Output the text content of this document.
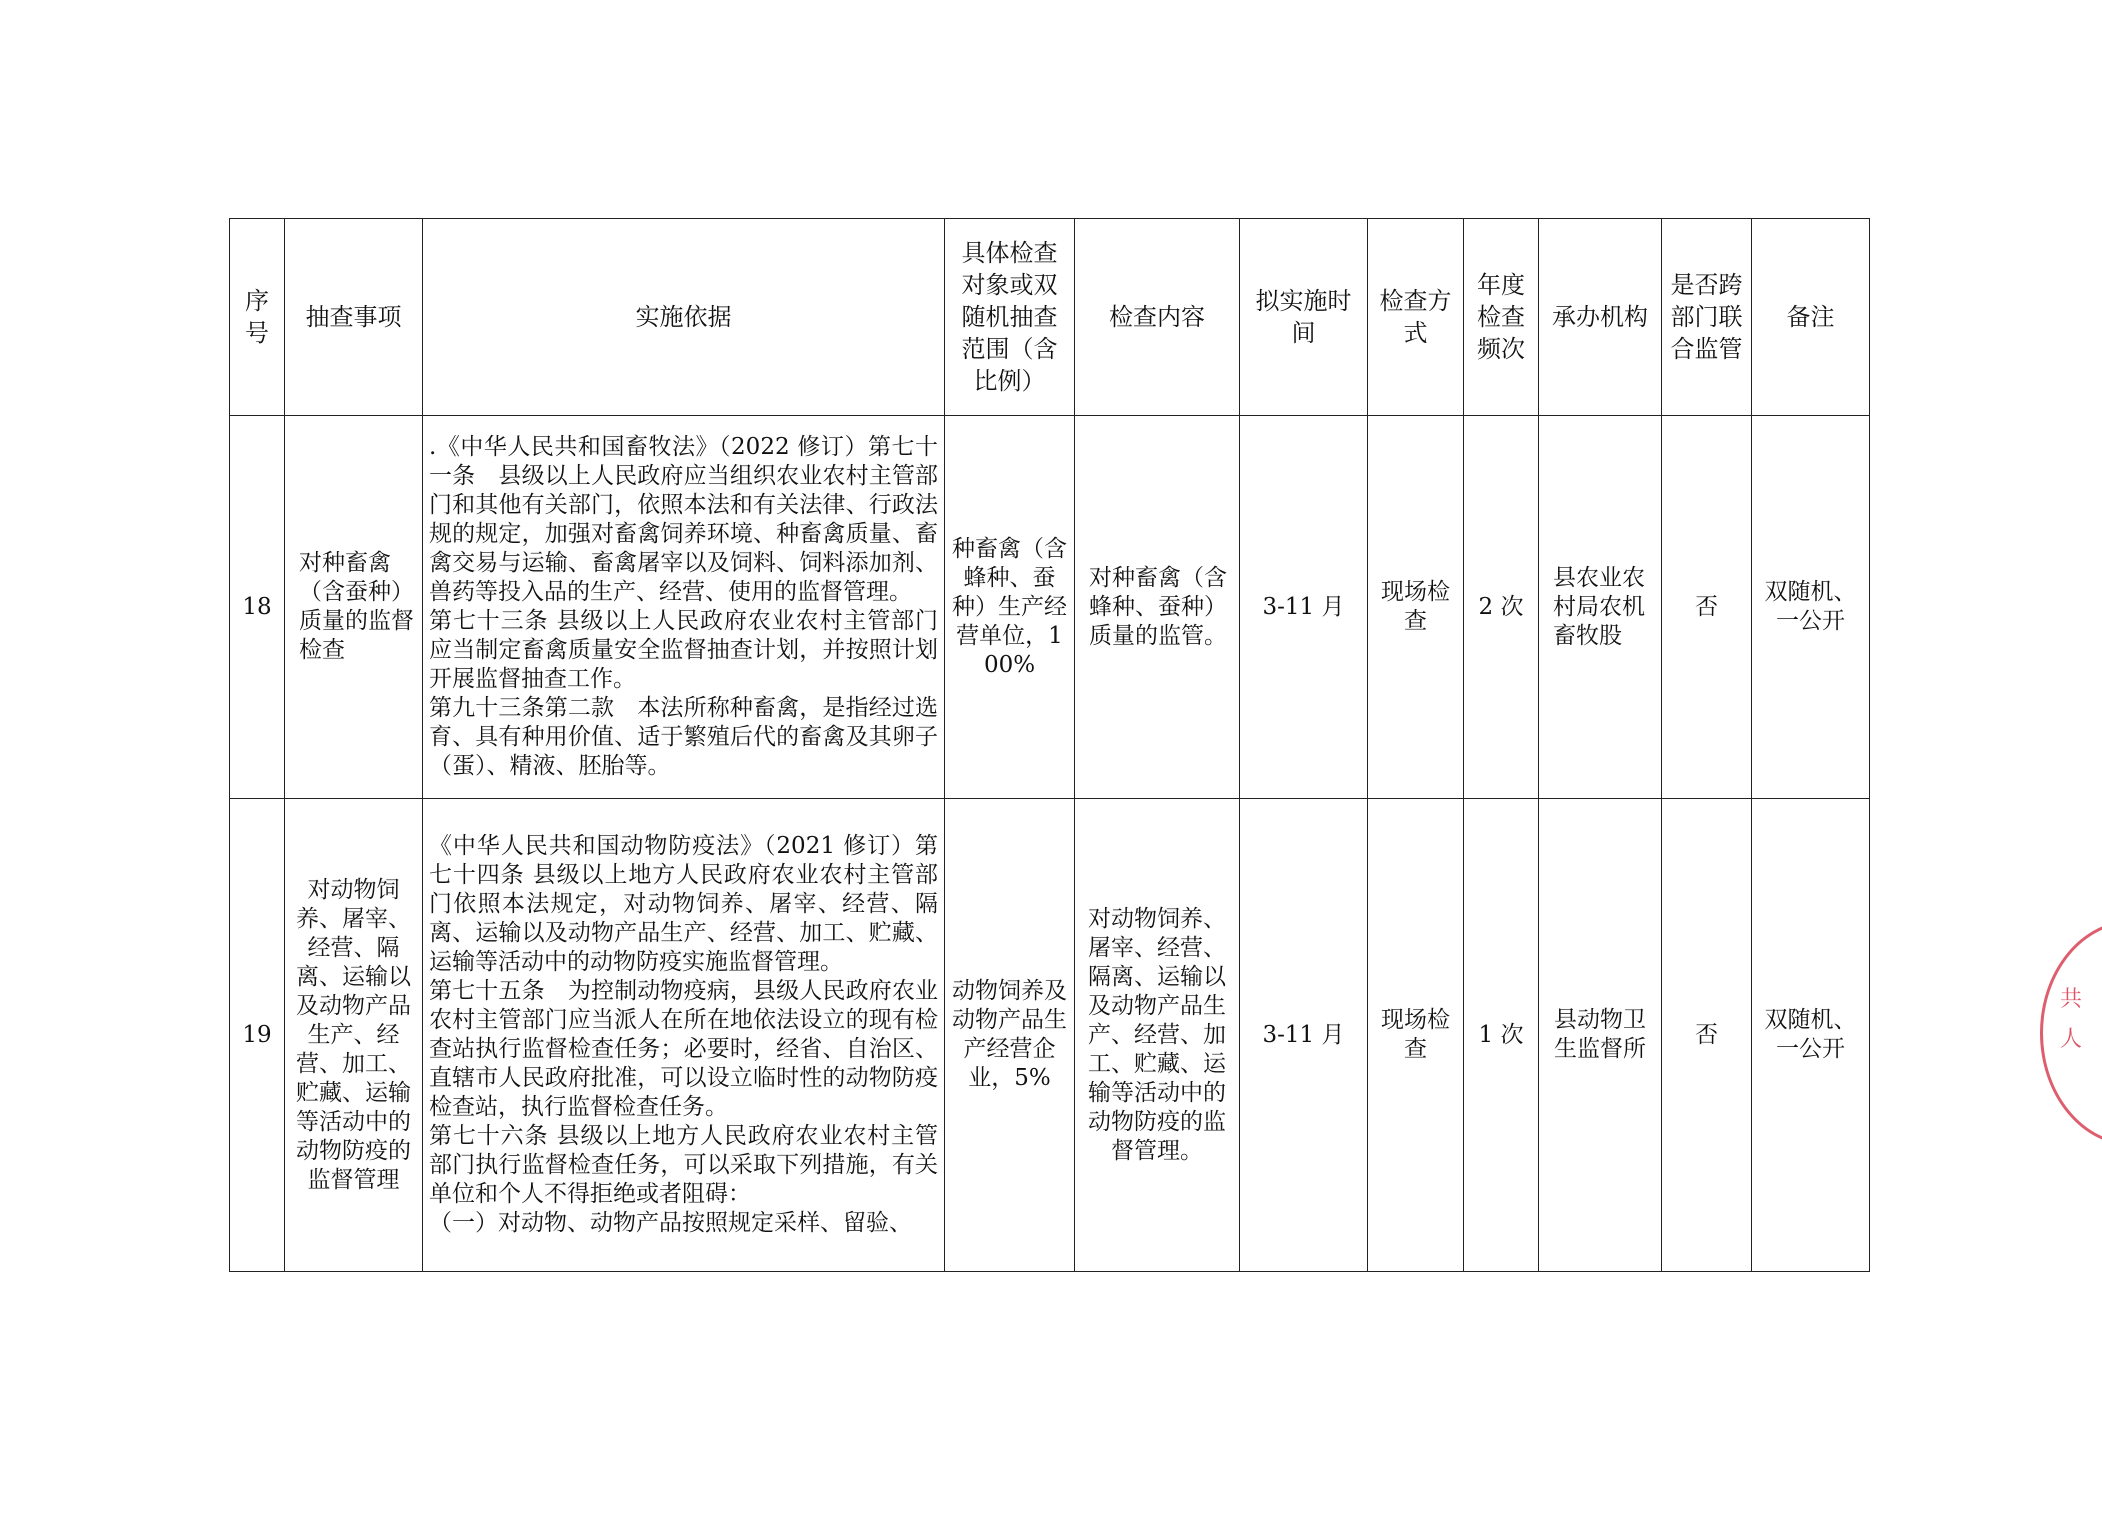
序号	抽查事项	实施依据	具体检查对象或双随机抽查范围（含比例）	检查内容	拟实施时间	检查方式	年度检查频次	承办机构	是否跨部门联合监管	备注
18	对种畜禽（含蚕种）质量的监督检查	.《中华人民共和国畜牧法》（2022 修订）第七十一条　县级以上人民政府应当组织农业农村主管部门和其他有关部门，依照本法和有关法律、行政法规的规定，加强对畜禽饲养环境、种畜禽质量、畜禽交易与运输、畜禽屠宰以及饲料、饲料添加剂、兽药等投入品的生产、经营、使用的监督管理。

第七十三条 县级以上人民政府农业农村主管部门应当制定畜禽质量安全监督抽查计划，并按照计划开展监督抽查工作。

第九十三条第二款　本法所称种畜禽，是指经过选育、具有种用价值、适于繁殖后代的畜禽及其卵子（蛋）、精液、胚胎等。	种畜禽（含蜂种、蚕种）生产经营单位，100%	对种畜禽（含蜂种、蚕种）质量的监管。	3-11 月	现场检查	2 次	县农业农村局农机畜牧股	否	双随机、一公开
19	对动物饲养、屠宰、经营、隔离、运输以及动物产品生产、经营、加工、贮藏、运输等活动中的动物防疫的监督管理	《中华人民共和国动物防疫法》（2021 修订）第七十四条 县级以上地方人民政府农业农村主管部门依照本法规定，对动物饲养、屠宰、经营、隔离、运输以及动物产品生产、经营、加工、贮藏、运输等活动中的动物防疫实施监督管理。

第七十五条　为控制动物疫病，县级人民政府农业农村主管部门应当派人在所在地依法设立的现有检查站执行监督检查任务；必要时，经省、自治区、直辖市人民政府批准，可以设立临时性的动物防疫检查站，执行监督检查任务。

第七十六条 县级以上地方人民政府农业农村主管部门执行监督检查任务，可以采取下列措施，有关单位和个人不得拒绝或者阻碍：

（一）对动物、动物产品按照规定采样、留验、	动物饲养及动物产品生产经营企业，5%	对动物饲养、屠宰、经营、隔离、运输以及动物产品生产、经营、加工、贮藏、运输等活动中的动物防疫的监督管理。	3-11 月	现场检查	1 次	县动物卫生监督所	否	双随机、一公开
共 人
